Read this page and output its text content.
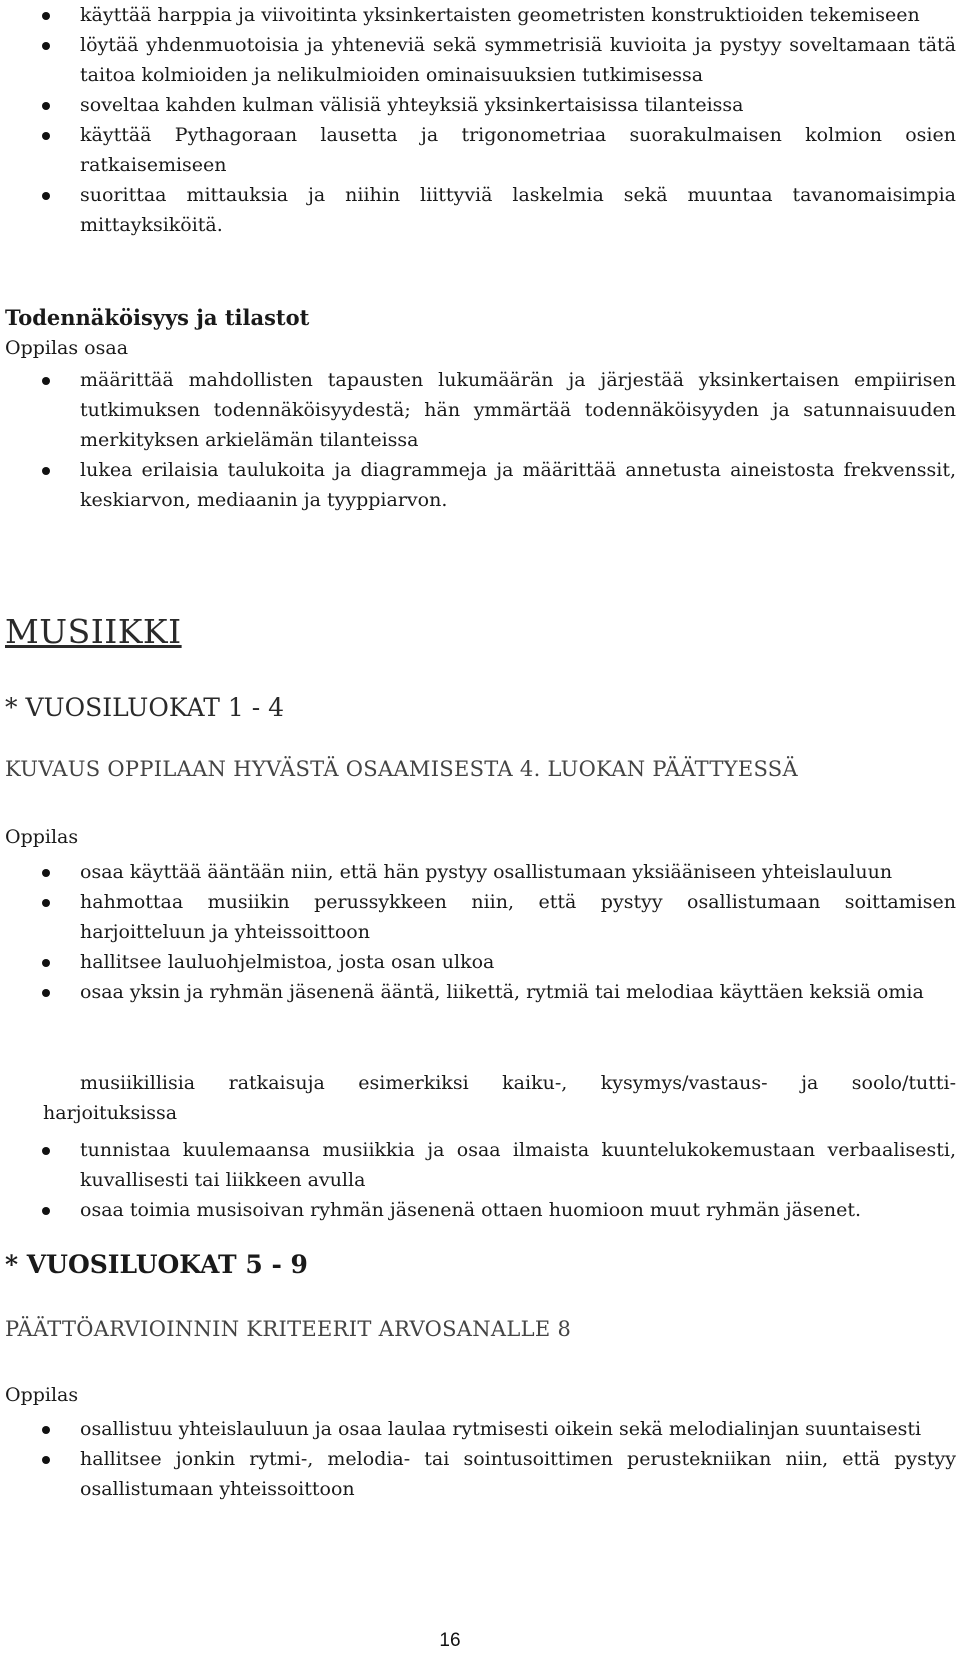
käyttää harppia ja viivoitinta yksinkertaisten geometristen konstruktioiden tekemiseen
löytää yhdenmuotoisia ja yhteneviä sekä symmetrisiä kuvioita ja pystyy soveltamaan tätä taitoa kolmioiden ja nelikulmioiden ominaisuuksien tutkimisessa
soveltaa kahden kulman välisiä yhteyksiä yksinkertaisissa tilanteissa
käyttää Pythagoraan lausetta ja trigonometriaa suorakulmaisen kolmion osien ratkaisemiseen
suorittaa mittauksia ja niihin liittyviä laskelmia sekä muuntaa tavanomaisimpia mittayksiköitä.
Todennäköisyys ja tilastot
Oppilas osaa
määrittää mahdollisten tapausten lukumäärän ja järjestää yksinkertaisen empiirisen tutkimuksen todennäköisyydestä; hän ymmärtää todennäköisyyden ja satunnaisuuden merkityksen arkielämän tilanteissa
lukea erilaisia taulukoita ja diagrammeja ja määrittää annetusta aineistosta frekvenssit, keskiarvon, mediaanin ja tyyppiarvon.
MUSIIKKI
* VUOSILUOKAT 1 - 4
KUVAUS OPPILAAN HYVÄSTÄ OSAAMISESTA 4. LUOKAN PÄÄTTYESSÄ
Oppilas
osaa käyttää ääntään niin, että hän pystyy osallistumaan yksiääniseen yhteislauluun
hahmottaa musiikin perussykkeen niin, että pystyy osallistumaan soittamisen harjoitteluun ja yhteissoittoon
hallitsee lauluohjelmistoa, josta osan ulkoa
osaa yksin ja ryhmän jäsenenä ääntä, liikettä, rytmiä tai melodiaa käyttäen keksiä omia
musiikillisia ratkaisuja esimerkiksi kaiku-, kysymys/vastaus- ja soolo/tutti-
harjoituksissa
tunnistaa kuulemaansa musiikkia ja osaa ilmaista kuuntelukokemustaan verbaalisesti, kuvallisesti tai liikkeen avulla
osaa toimia musisoivan ryhmän jäsenenä ottaen huomioon muut ryhmän jäsenet.
* VUOSILUOKAT 5 - 9
PÄÄTTÖARVIOINNIN KRITEERIT ARVOSANALLE 8
Oppilas
osallistuu yhteislauluun ja osaa laulaa rytmisesti oikein sekä melodialinjan suuntaisesti
hallitsee jonkin rytmi-, melodia- tai sointusoittimen perustekniikan niin, että pystyy osallistumaan yhteissoittoon
16
